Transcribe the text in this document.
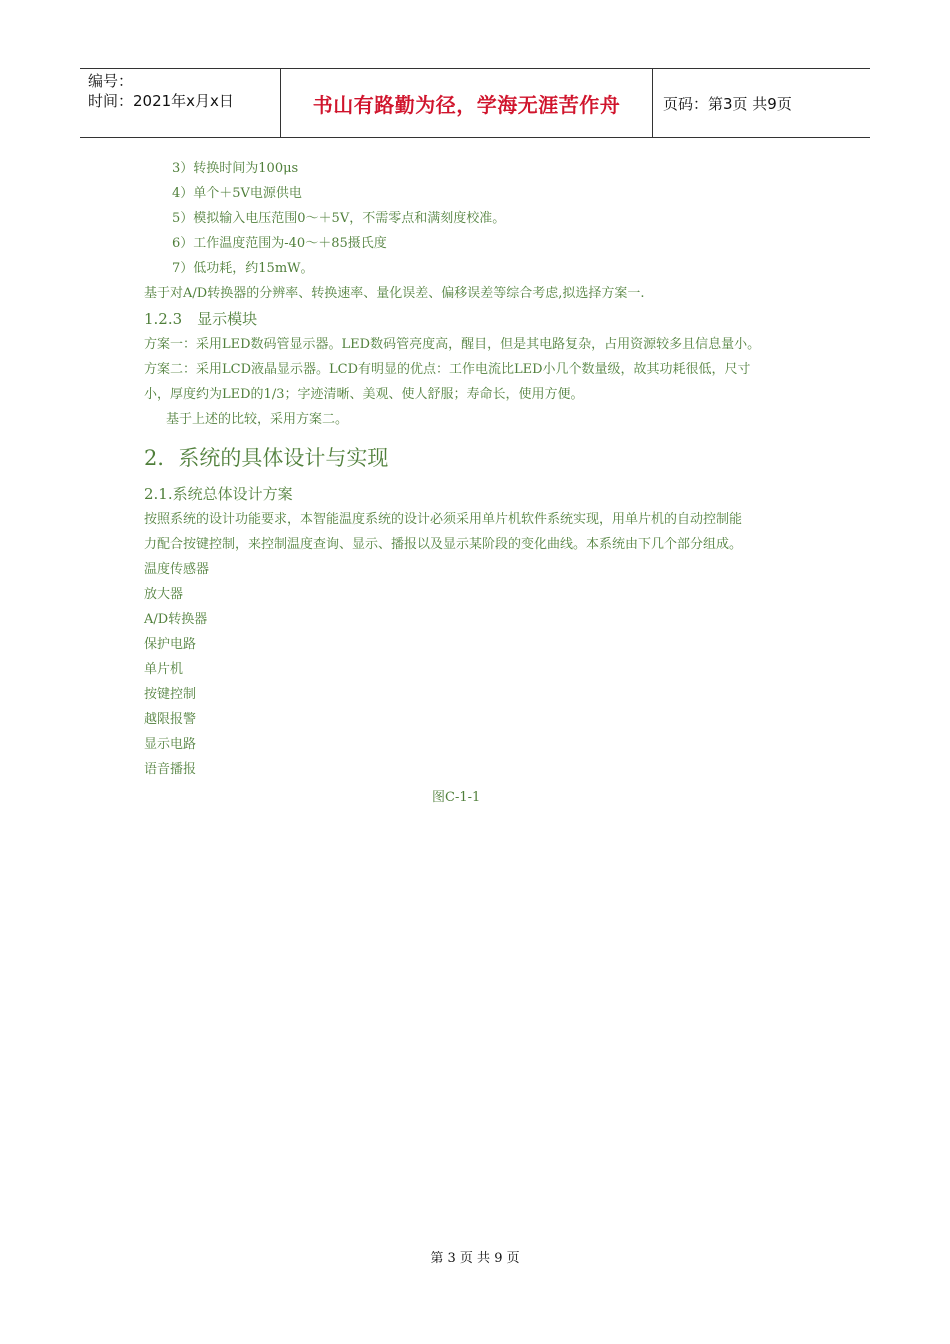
编号：
时间：2021年x月x日	书山有路勤为径，学海无涯苦作舟	页码：第3页 共9页
3）转换时间为100μs
4）单个＋5V电源供电
5）模拟输入电压范围0～＋5V，不需零点和满刻度校准。
6）工作温度范围为-40～＋85摄氏度
7）低功耗，约15mW。
基于对A/D转换器的分辨率、转换速率、量化误差、偏移误差等综合考虑,拟选择方案一.
1.2.3　显示模块
方案一：采用LED数码管显示器。LED数码管亮度高，醒目，但是其电路复杂，占用资源较多且信息量小。
方案二：采用LCD液晶显示器。LCD有明显的优点：工作电流比LED小几个数量级，故其功耗很低，尺寸
小，厚度约为LED的1/3；字迹清晰、美观、使人舒服；寿命长，使用方便。
基于上述的比较，采用方案二。
2．系统的具体设计与实现
2.1.系统总体设计方案
按照系统的设计功能要求，本智能温度系统的设计必须采用单片机软件系统实现，用单片机的自动控制能
力配合按键控制，来控制温度查询、显示、播报以及显示某阶段的变化曲线。本系统由下几个部分组成。
温度传感器
放大器
A/D转换器
保护电路
单片机
按键控制
越限报警
显示电路
语音播报
图C-1-1
第 3 页 共 9 页
